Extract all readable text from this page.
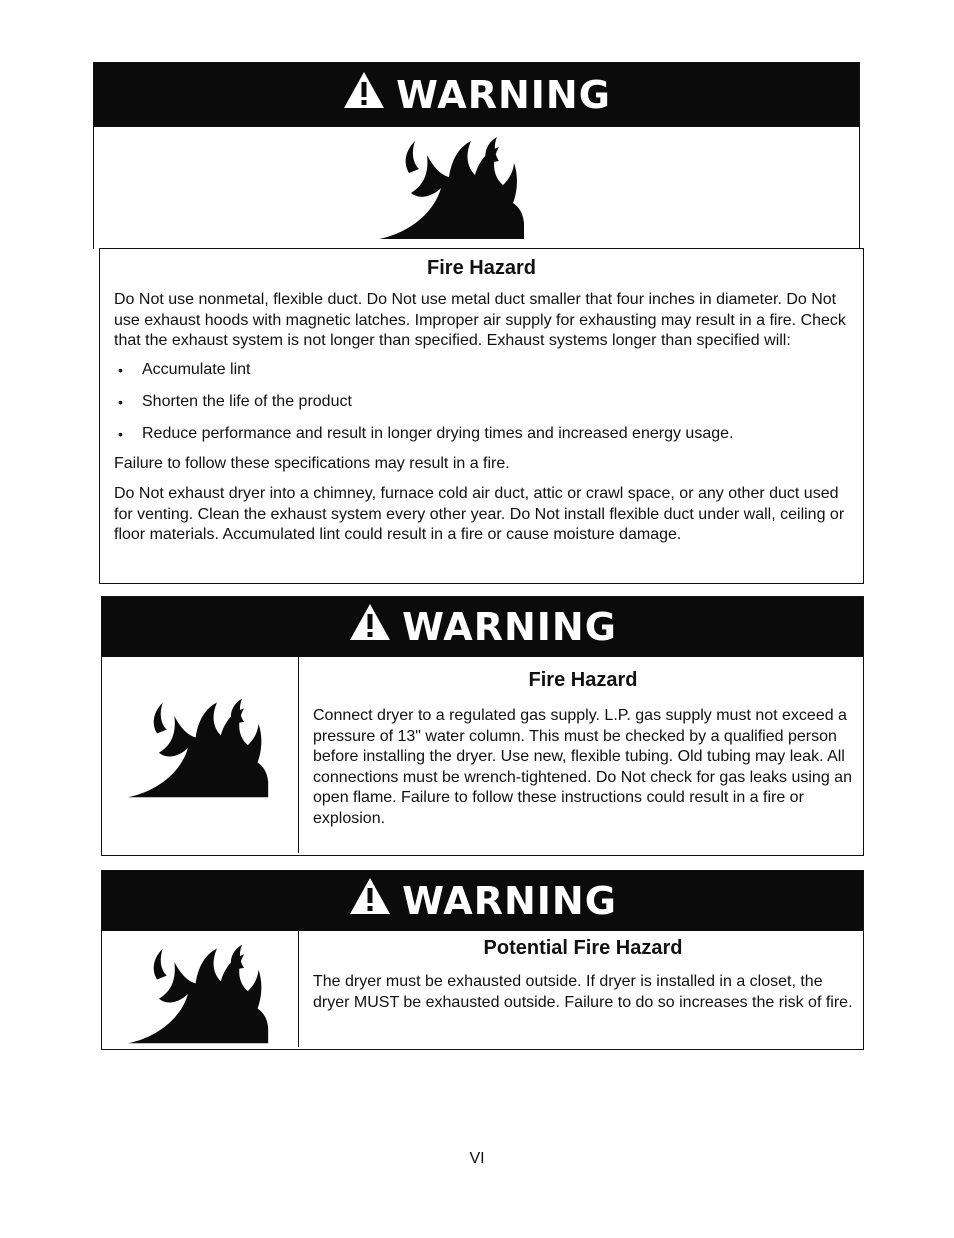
WARNING
Fire Hazard

Do Not use nonmetal, flexible duct. Do Not use metal duct smaller that four inches in diameter. Do Not use exhaust hoods with magnetic latches. Improper air supply for exhausting may result in a fire. Check that the exhaust system is not longer than specified. Exhaust systems longer than specified will:

• Accumulate lint
• Shorten the life of the product
• Reduce performance and result in longer drying times and increased energy usage.

Failure to follow these specifications may result in a fire.

Do Not exhaust dryer into a chimney, furnace cold air duct, attic or crawl space, or any other duct used for venting. Clean the exhaust system every other year. Do Not install flexible duct under wall, ceiling or floor materials. Accumulated lint could result in a fire or cause moisture damage.

WARNING
Fire Hazard

Connect dryer to a regulated gas supply. L.P. gas supply must not exceed a pressure of 13" water column. This must be checked by a qualified person before installing the dryer. Use new, flexible tubing. Old tubing may leak. All connections must be wrench-tightened. Do Not check for gas leaks using an open flame. Failure to follow these instructions could result in a fire or explosion.

WARNING
Potential Fire Hazard

The dryer must be exhausted outside. If dryer is installed in a closet, the dryer MUST be exhausted outside. Failure to do so increases the risk of fire.

VI
